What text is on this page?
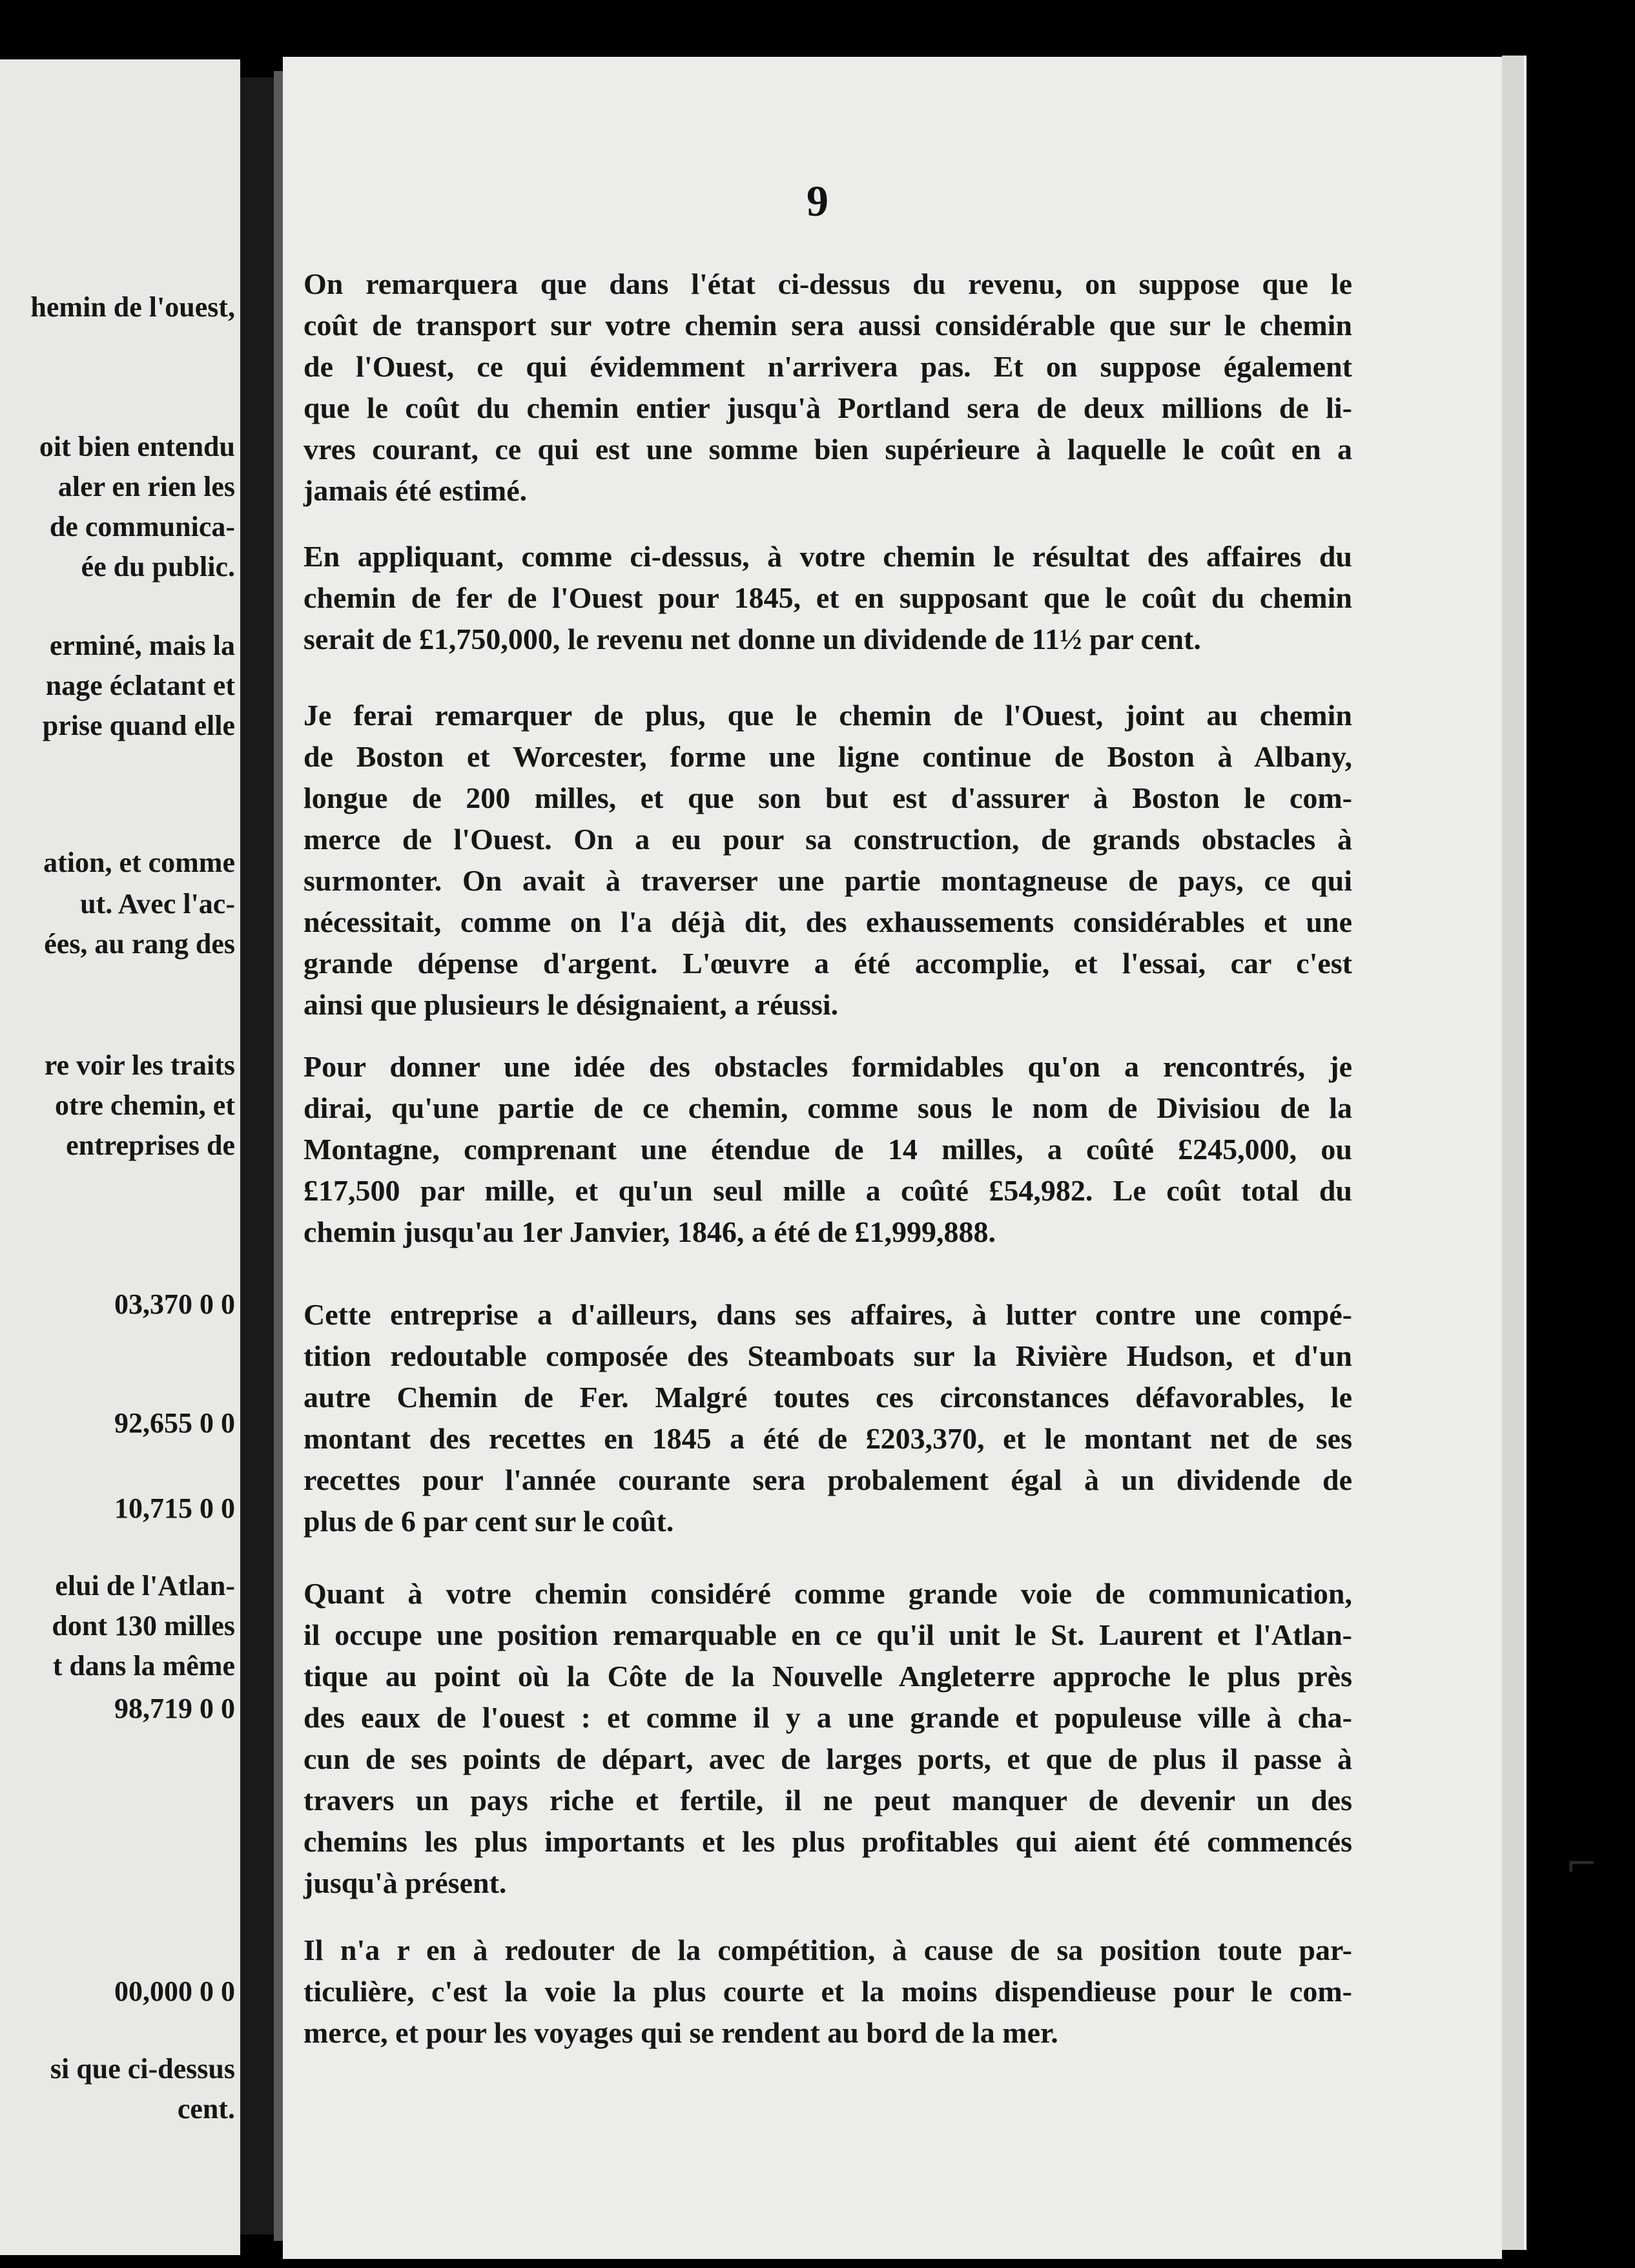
hemin de l'ouest,
oit bien entendu
aler en rien les
de communica-
ée du public.
erminé, mais la
nage éclatant et
prise quand elle
ation, et comme
ut. Avec l'ac-
ées, au rang des
re voir les traits
otre chemin, et
entreprises de
03,370 0 0
92,655 0 0
10,715 0 0
elui de l'Atlan-
dont 130 milles
t dans la même
98,719 0 0
00,000 0 0
si que ci-dessus
cent.
9
On remarquera que dans l'état ci-dessus du revenu, on suppose que le
coût de transport sur votre chemin sera aussi considérable que sur le chemin
de l'Ouest, ce qui évidemment n'arrivera pas. Et on suppose également
que le coût du chemin entier jusqu'à Portland sera de deux millions de li-
vres courant, ce qui est une somme bien supérieure à laquelle le coût en a
jamais été estimé.
En appliquant, comme ci-dessus, à votre chemin le résultat des affaires du
chemin de fer de l'Ouest pour 1845, et en supposant que le coût du chemin
serait de £1,750,000, le revenu net donne un dividende de 11½ par cent.
Je ferai remarquer de plus, que le chemin de l'Ouest, joint au chemin
de Boston et Worcester, forme une ligne continue de Boston à Albany,
longue de 200 milles, et que son but est d'assurer à Boston le com-
merce de l'Ouest. On a eu pour sa construction, de grands obstacles à
surmonter. On avait à traverser une partie montagneuse de pays, ce qui
nécessitait, comme on l'a déjà dit, des exhaussements considérables et une
grande dépense d'argent. L'œuvre a été accomplie, et l'essai, car c'est
ainsi que plusieurs le désignaient, a réussi.
Pour donner une idée des obstacles formidables qu'on a rencontrés, je
dirai, qu'une partie de ce chemin, comme sous le nom de Divisiou de la
Montagne, comprenant une étendue de 14 milles, a coûté £245,000, ou
£17,500 par mille, et qu'un seul mille a coûté £54,982. Le coût total du
chemin jusqu'au 1er Janvier, 1846, a été de £1,999,888.
Cette entreprise a d'ailleurs, dans ses affaires, à lutter contre une compé-
tition redoutable composée des Steamboats sur la Rivière Hudson, et d'un
autre Chemin de Fer. Malgré toutes ces circonstances défavorables, le
montant des recettes en 1845 a été de £203,370, et le montant net de ses
recettes pour l'année courante sera probalement égal à un dividende de
plus de 6 par cent sur le coût.
Quant à votre chemin considéré comme grande voie de communication,
il occupe une position remarquable en ce qu'il unit le St. Laurent et l'Atlan-
tique au point où la Côte de la Nouvelle Angleterre approche le plus près
des eaux de l'ouest : et comme il y a une grande et populeuse ville à cha-
cun de ses points de départ, avec de larges ports, et que de plus il passe à
travers un pays riche et fertile, il ne peut manquer de devenir un des
chemins les plus importants et les plus profitables qui aient été commencés
jusqu'à présent.
Il n'a r en à redouter de la compétition, à cause de sa position toute par-
ticulière, c'est la voie la plus courte et la moins dispendieuse pour le com-
merce, et pour les voyages qui se rendent au bord de la mer.
⌐
